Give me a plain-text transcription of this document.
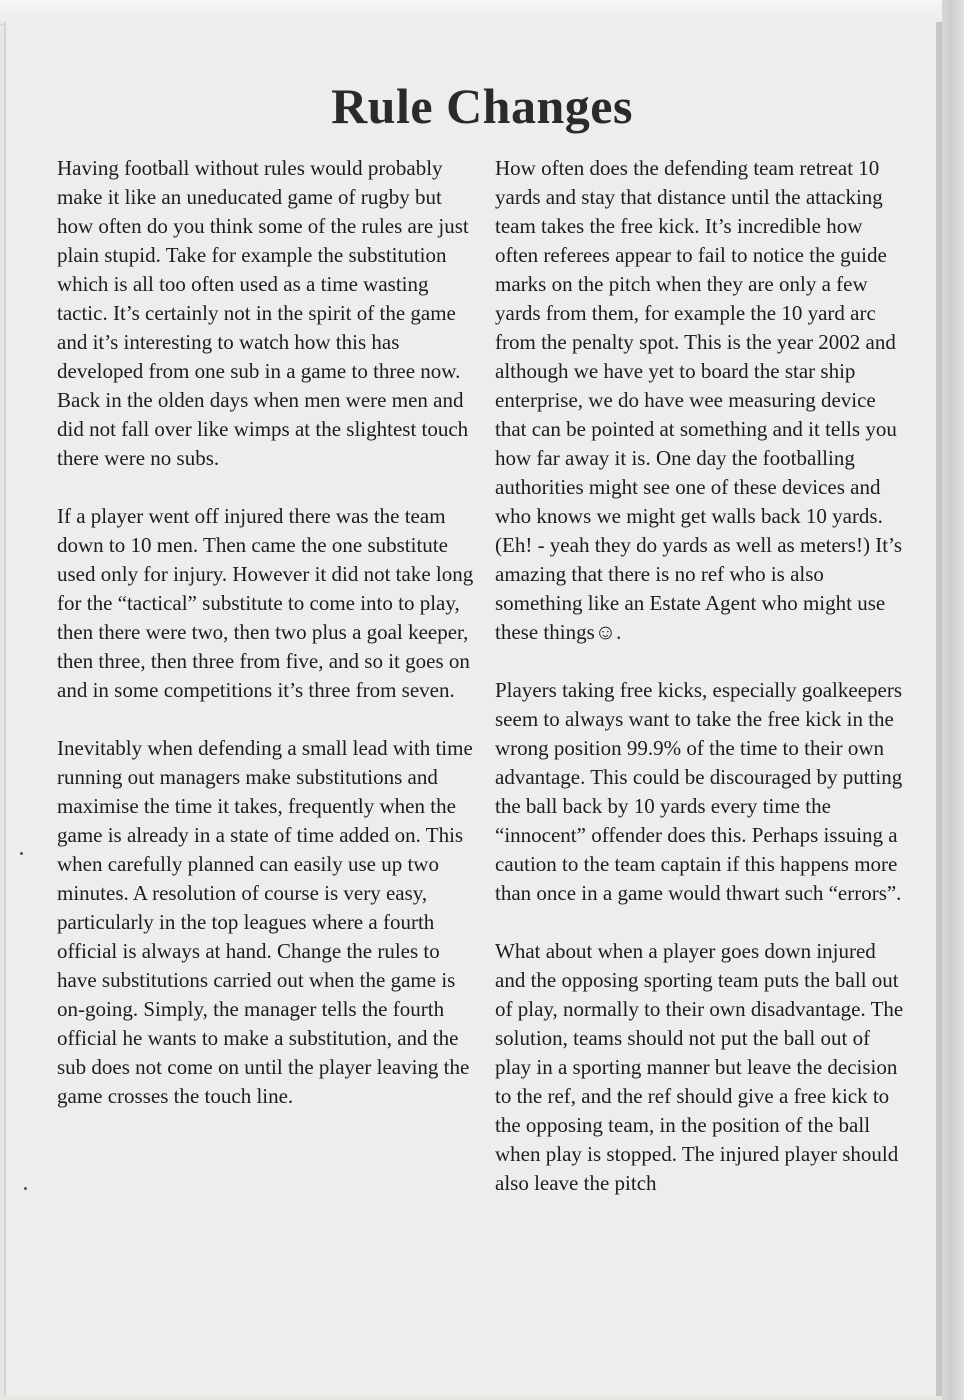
Rule Changes

Having football without rules would probably make it like an uneducated game of rugby but how often do you think some of the rules are just plain stupid. Take for example the substitution which is all too often used as a time wasting tactic. It’s certainly not in the spirit of the game and it’s interesting to watch how this has developed from one sub in a game to three now. Back in the olden days when men were men and did not fall over like wimps at the slightest touch there were no subs.

If a player went off injured there was the team down to 10 men. Then came the one substitute used only for injury. However it did not take long for the “tactical” substitute to come into to play, then there were two, then two plus a goal keeper, then three, then three from five, and so it goes on and in some competitions it’s three from seven.

Inevitably when defending a small lead with time running out managers make substitutions and maximise the time it takes, frequently when the game is already in a state of time added on. This when carefully planned can easily use up two minutes. A resolution of course is very easy, particularly in the top leagues where a fourth official is always at hand. Change the rules to have substitutions carried out when the game is on-going. Simply, the manager tells the fourth official he wants to make a substitution, and the sub does not come on until the player leaving the game crosses the touch line.

How often does the defending team retreat 10 yards and stay that distance until the attacking team takes the free kick. It’s incredible how often referees appear to fail to notice the guide marks on the pitch when they are only a few yards from them, for example the 10 yard arc from the penalty spot. This is the year 2002 and although we have yet to board the star ship enterprise, we do have wee measuring device that can be pointed at something and it tells you how far away it is. One day the footballing authorities might see one of these devices and who knows we might get walls back 10 yards. (Eh! - yeah they do yards as well as meters!) It’s amazing that there is no ref who is also something like an Estate Agent who might use these things☺.

Players taking free kicks, especially goalkeepers seem to always want to take the free kick in the wrong position 99.9% of the time to their own advantage. This could be discouraged by putting the ball back by 10 yards every time the “innocent” offender does this. Perhaps issuing a caution to the team captain if this happens more than once in a game would thwart such “errors”.

What about when a player goes down injured and the opposing sporting team puts the ball out of play, normally to their own disadvantage. The solution, teams should not put the ball out of play in a sporting manner but leave the decision to the ref, and the ref should give a free kick to the opposing team, in the position of the ball when play is stopped. The injured player should also leave the pitch
